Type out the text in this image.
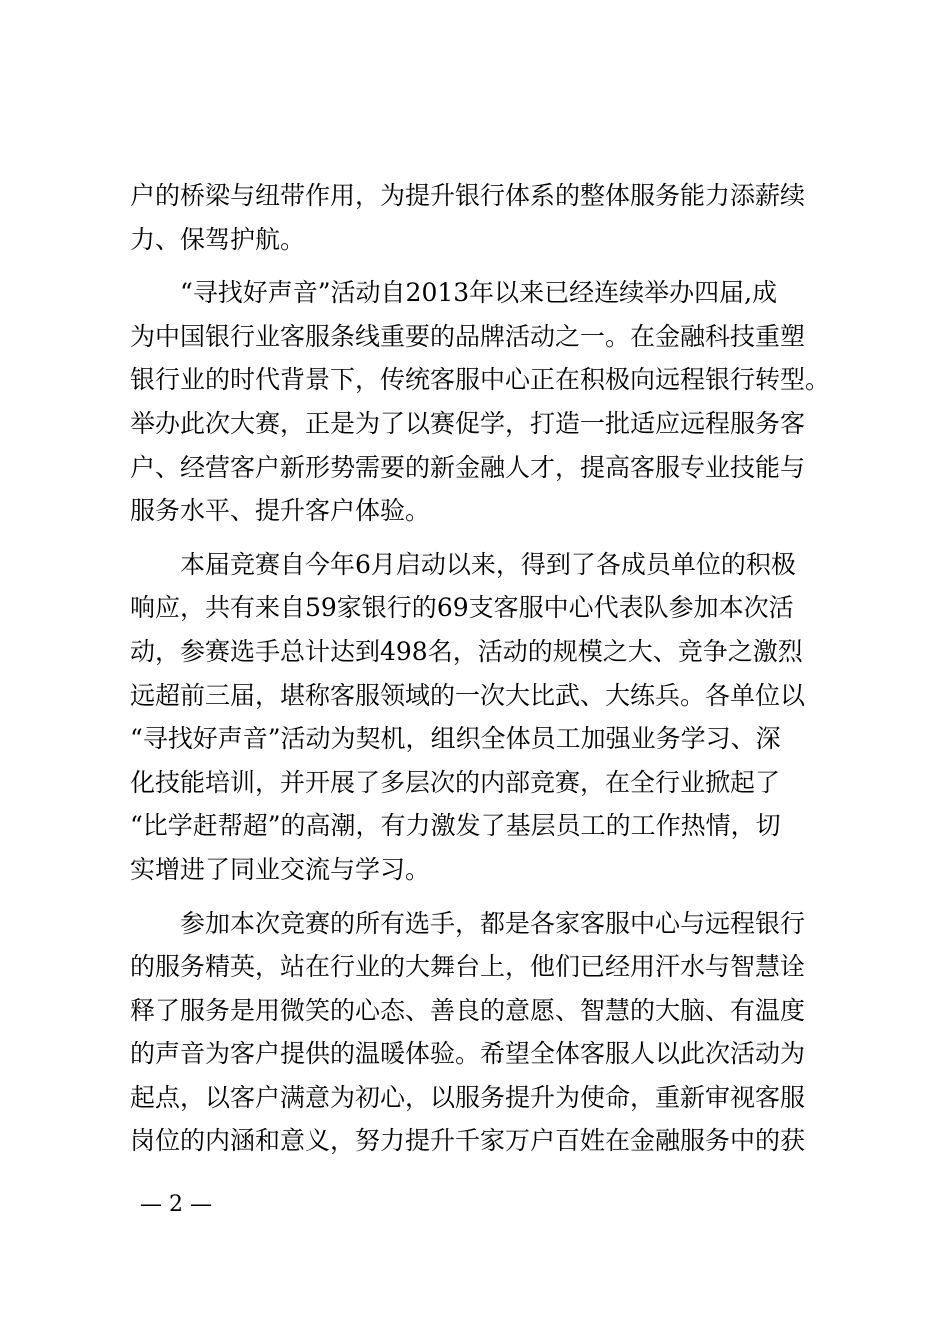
户的桥梁与纽带作用，为提升银行体系的整体服务能力添薪续
力、保驾护航。
“寻找好声音”活动自2013年以来已经连续举办四届,成
为中国银行业客服条线重要的品牌活动之一。在金融科技重塑
银行业的时代背景下，传统客服中心正在积极向远程银行转型。
举办此次大赛，正是为了以赛促学，打造一批适应远程服务客
户、经营客户新形势需要的新金融人才，提高客服专业技能与
服务水平、提升客户体验。
本届竞赛自今年6月启动以来，得到了各成员单位的积极
响应，共有来自59家银行的69支客服中心代表队参加本次活
动，参赛选手总计达到498名，活动的规模之大、竞争之激烈
远超前三届，堪称客服领域的一次大比武、大练兵。各单位以
“寻找好声音”活动为契机，组织全体员工加强业务学习、深
化技能培训，并开展了多层次的内部竞赛，在全行业掀起了
“比学赶帮超”的高潮，有力激发了基层员工的工作热情，切
实增进了同业交流与学习。
参加本次竞赛的所有选手，都是各家客服中心与远程银行
的服务精英，站在行业的大舞台上，他们已经用汗水与智慧诠
释了服务是用微笑的心态、善良的意愿、智慧的大脑、有温度
的声音为客户提供的温暖体验。希望全体客服人以此次活动为
起点，以客户满意为初心，以服务提升为使命，重新审视客服
岗位的内涵和意义，努力提升千家万户百姓在金融服务中的获
— 2 —
